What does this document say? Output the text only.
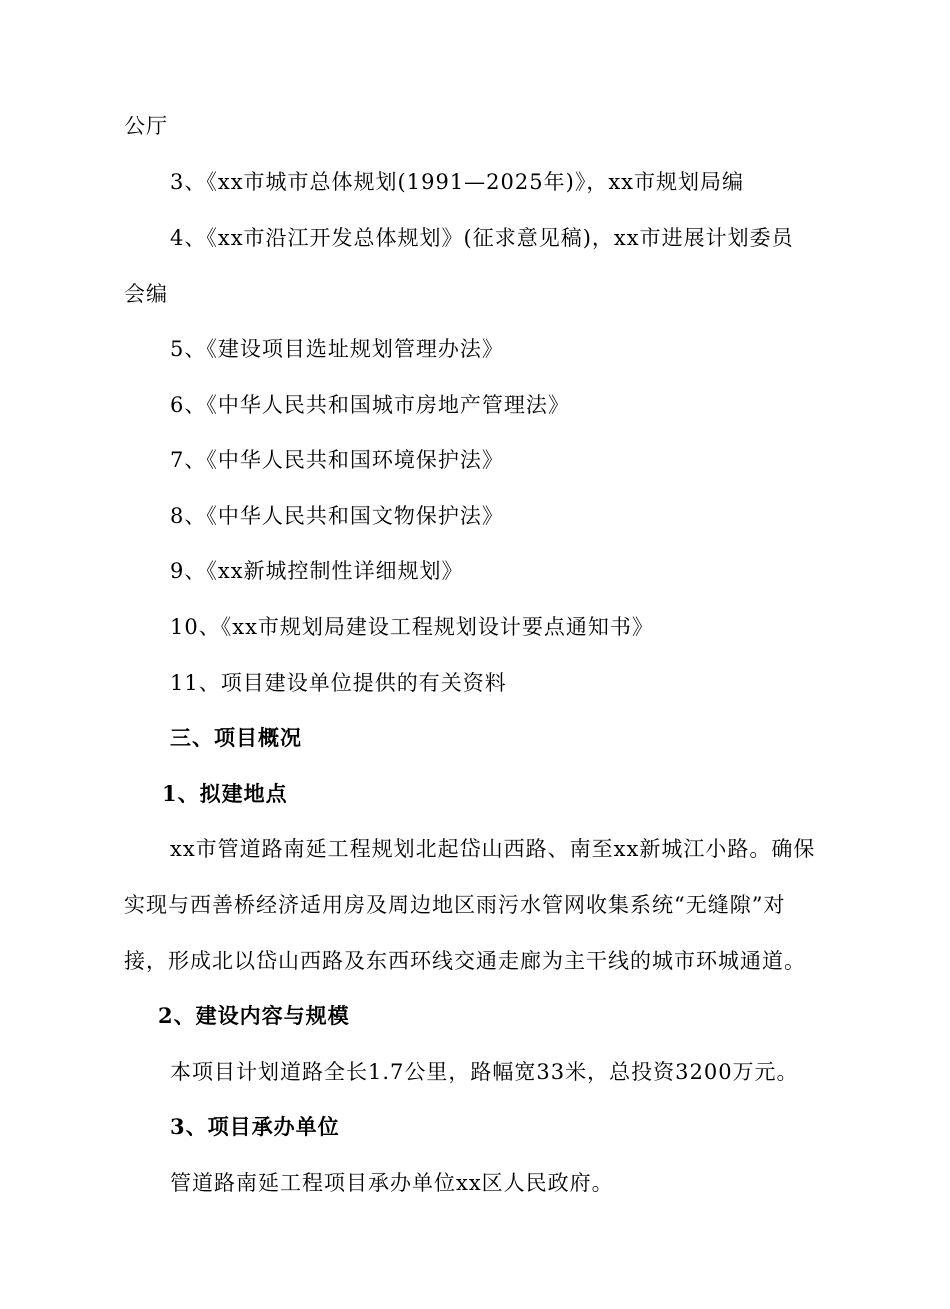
公厅
3、《xx市城市总体规划(1991—2025年)》，xx市规划局编
4、《xx市沿江开发总体规划》(征求意见稿)，xx市进展计划委员
会编
5、《建设项目选址规划管理办法》
6、《中华人民共和国城市房地产管理法》
7、《中华人民共和国环境保护法》
8、《中华人民共和国文物保护法》
9、《xx新城控制性详细规划》
10、《xx市规划局建设工程规划设计要点通知书》
11、项目建设单位提供的有关资料
三、项目概况
1、拟建地点
xx市管道路南延工程规划北起岱山西路、南至xx新城江小路。确保
实现与西善桥经济适用房及周边地区雨污水管网收集系统“无缝隙”对
接，形成北以岱山西路及东西环线交通走廊为主干线的城市环城通道。
2、建设内容与规模
本项目计划道路全长1.7公里，路幅宽33米，总投资3200万元。
3、项目承办单位
管道路南延工程项目承办单位xx区人民政府。
